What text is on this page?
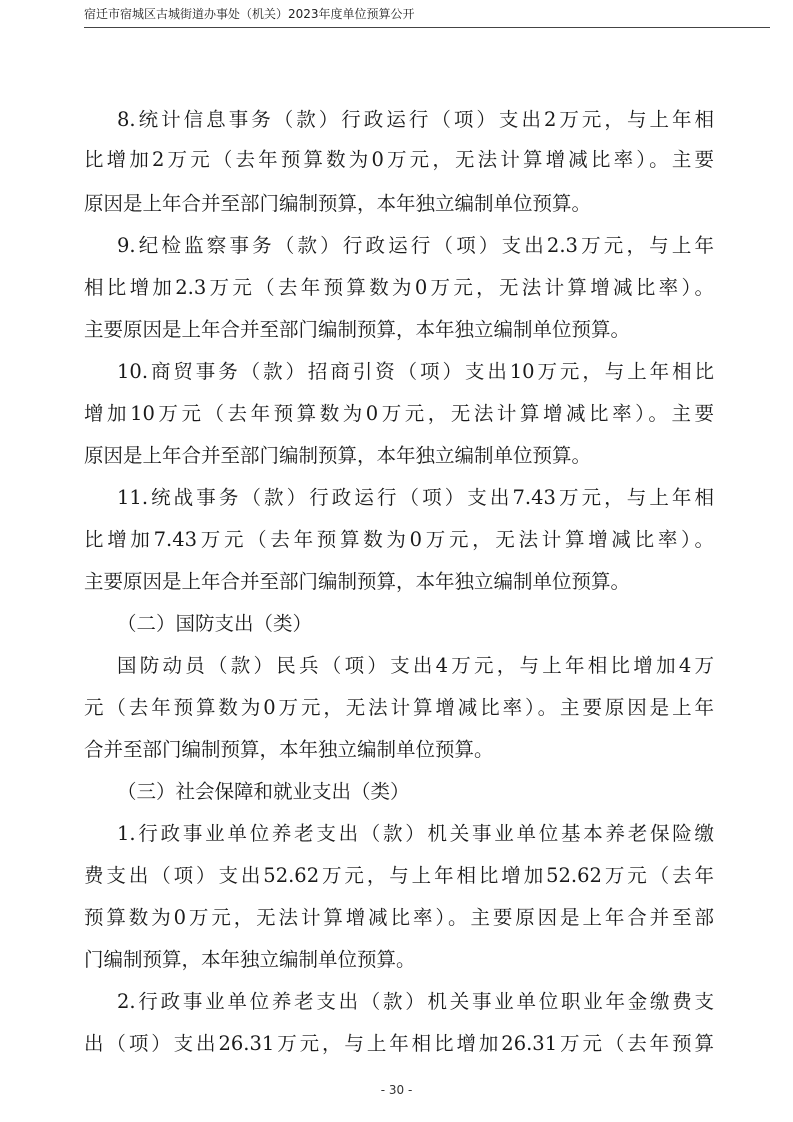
宿迁市宿城区古城街道办事处（机关）2023年度单位预算公开

8.统计信息事务（款）行政运行（项）支出2万元，与上年相

比增加2万元（去年预算数为0万元，无法计算增减比率）。主要

原因是上年合并至部门编制预算，本年独立编制单位预算。

9.纪检监察事务（款）行政运行（项）支出2.3万元，与上年

相比增加2.3万元（去年预算数为0万元，无法计算增减比率）。

主要原因是上年合并至部门编制预算，本年独立编制单位预算。

10.商贸事务（款）招商引资（项）支出10万元，与上年相比

增加10万元（去年预算数为0万元，无法计算增减比率）。主要

原因是上年合并至部门编制预算，本年独立编制单位预算。

11.统战事务（款）行政运行（项）支出7.43万元，与上年相

比增加7.43万元（去年预算数为0万元，无法计算增减比率）。

主要原因是上年合并至部门编制预算，本年独立编制单位预算。

（二）国防支出（类）

国防动员（款）民兵（项）支出4万元，与上年相比增加4万

元（去年预算数为0万元，无法计算增减比率）。主要原因是上年

合并至部门编制预算，本年独立编制单位预算。

（三）社会保障和就业支出（类）

1.行政事业单位养老支出（款）机关事业单位基本养老保险缴

费支出（项）支出52.62万元，与上年相比增加52.62万元（去年

预算数为0万元，无法计算增减比率）。主要原因是上年合并至部

门编制预算，本年独立编制单位预算。

2.行政事业单位养老支出（款）机关事业单位职业年金缴费支

出（项）支出26.31万元，与上年相比增加26.31万元（去年预算

- 30 -
